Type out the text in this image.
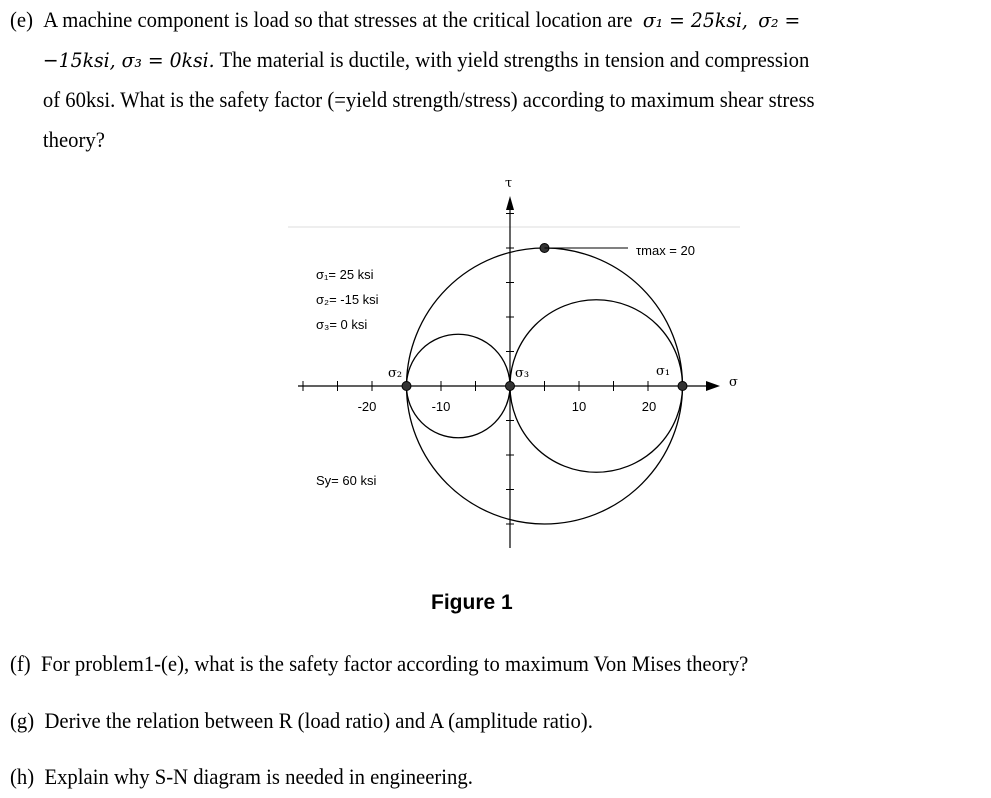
(e) A machine component is load so that stresses at the critical location are σ₁ = 25ksi, σ₂ =
−15ksi, σ₃ = 0ksi. The material is ductile, with yield strengths in tension and compression
of 60ksi. What is the safety factor (=yield strength/stress) according to maximum shear stress
theory?
τ
σ
τmax = 20
σ₁= 25 ksi
σ₂= -15 ksi
σ₃= 0 ksi
Sy= 60 ksi
σ₂	σ₃	σ₁
-20	-10	10	20
Figure 1
(f) For problem1-(e), what is the safety factor according to maximum Von Mises theory?
(g) Derive the relation between R (load ratio) and A (amplitude ratio).
(h) Explain why S-N diagram is needed in engineering.
